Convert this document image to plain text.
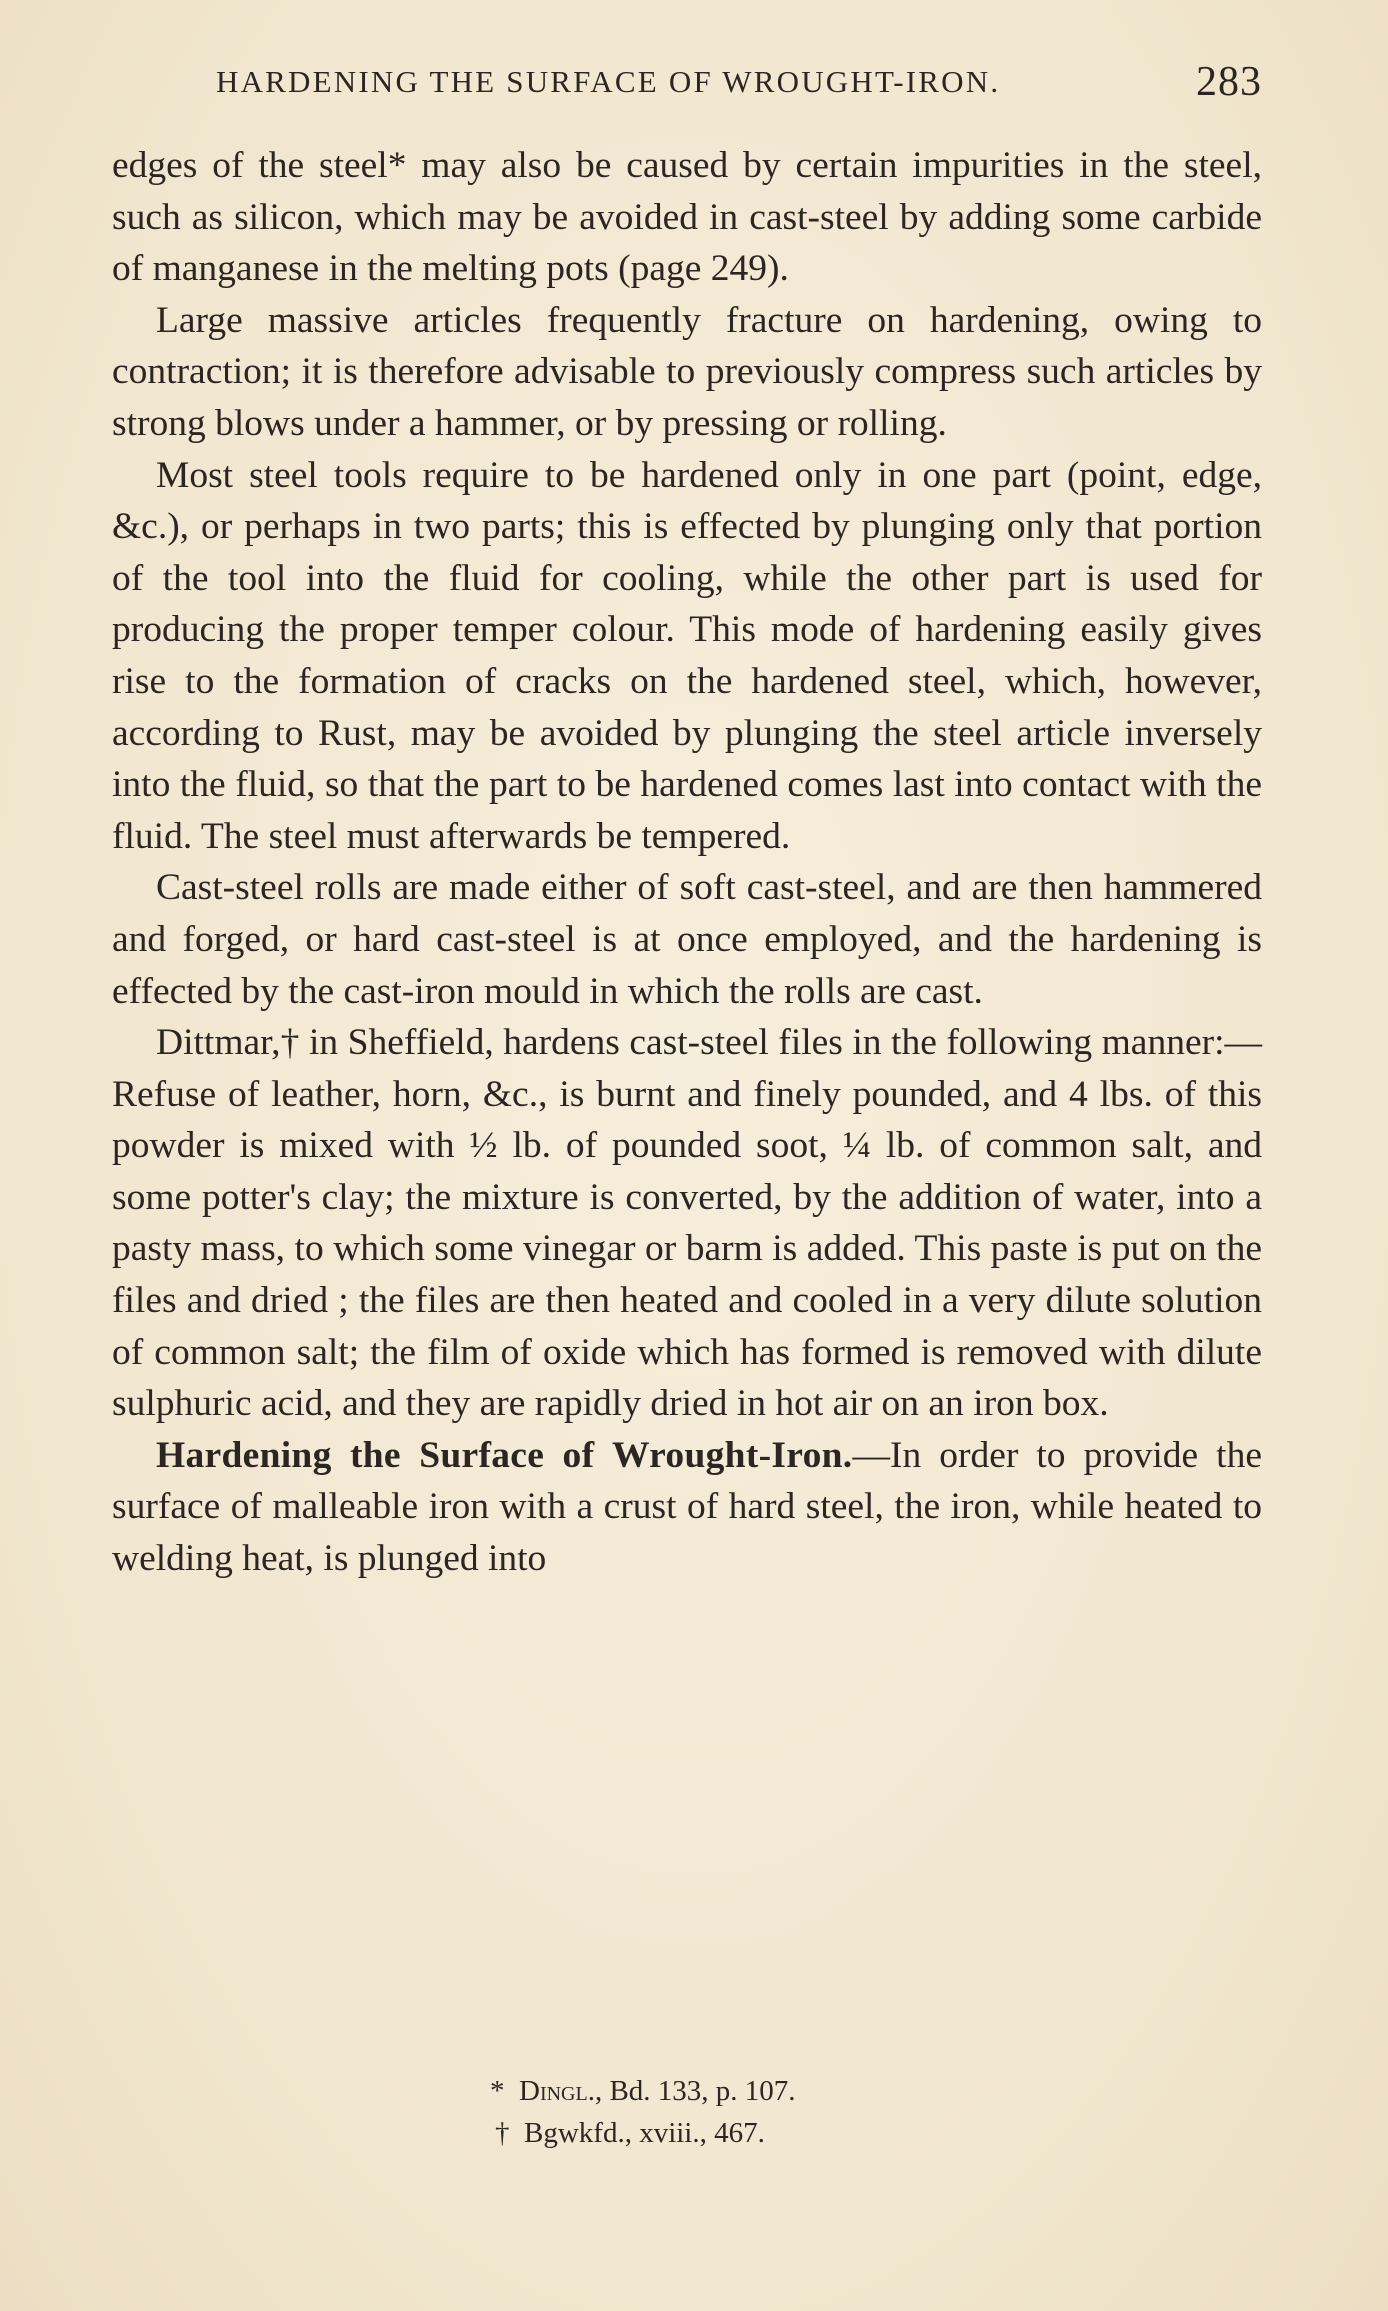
HARDENING THE SURFACE OF WROUGHT-IRON.	283

edges of the steel* may also be caused by certain impurities in the steel, such as silicon, which may be avoided in cast-steel by adding some carbide of manganese in the melting pots (page 249).

Large massive articles frequently fracture on hardening, owing to contraction; it is therefore advisable to previously compress such articles by strong blows under a hammer, or by pressing or rolling.

Most steel tools require to be hardened only in one part (point, edge, &c.), or perhaps in two parts; this is effected by plunging only that portion of the tool into the fluid for cooling, while the other part is used for producing the proper temper colour. This mode of hardening easily gives rise to the formation of cracks on the hardened steel, which, however, according to Rust, may be avoided by plunging the steel article inversely into the fluid, so that the part to be hardened comes last into contact with the fluid. The steel must afterwards be tempered.

Cast-steel rolls are made either of soft cast-steel, and are then hammered and forged, or hard cast-steel is at once employed, and the hardening is effected by the cast-iron mould in which the rolls are cast.

Dittmar,† in Sheffield, hardens cast-steel files in the following manner:—Refuse of leather, horn, &c., is burnt and finely pounded, and 4 lbs. of this powder is mixed with ½ lb. of pounded soot, ¼ lb. of common salt, and some potter's clay; the mixture is converted, by the addition of water, into a pasty mass, to which some vinegar or barm is added. This paste is put on the files and dried ; the files are then heated and cooled in a very dilute solution of common salt; the film of oxide which has formed is removed with dilute sulphuric acid, and they are rapidly dried in hot air on an iron box.

Hardening the Surface of Wrought-Iron.—In order to provide the surface of malleable iron with a crust of hard steel, the iron, while heated to welding heat, is plunged into

* Dingl., Bd. 133, p. 107.
† Bgwkfd., xviii., 467.
